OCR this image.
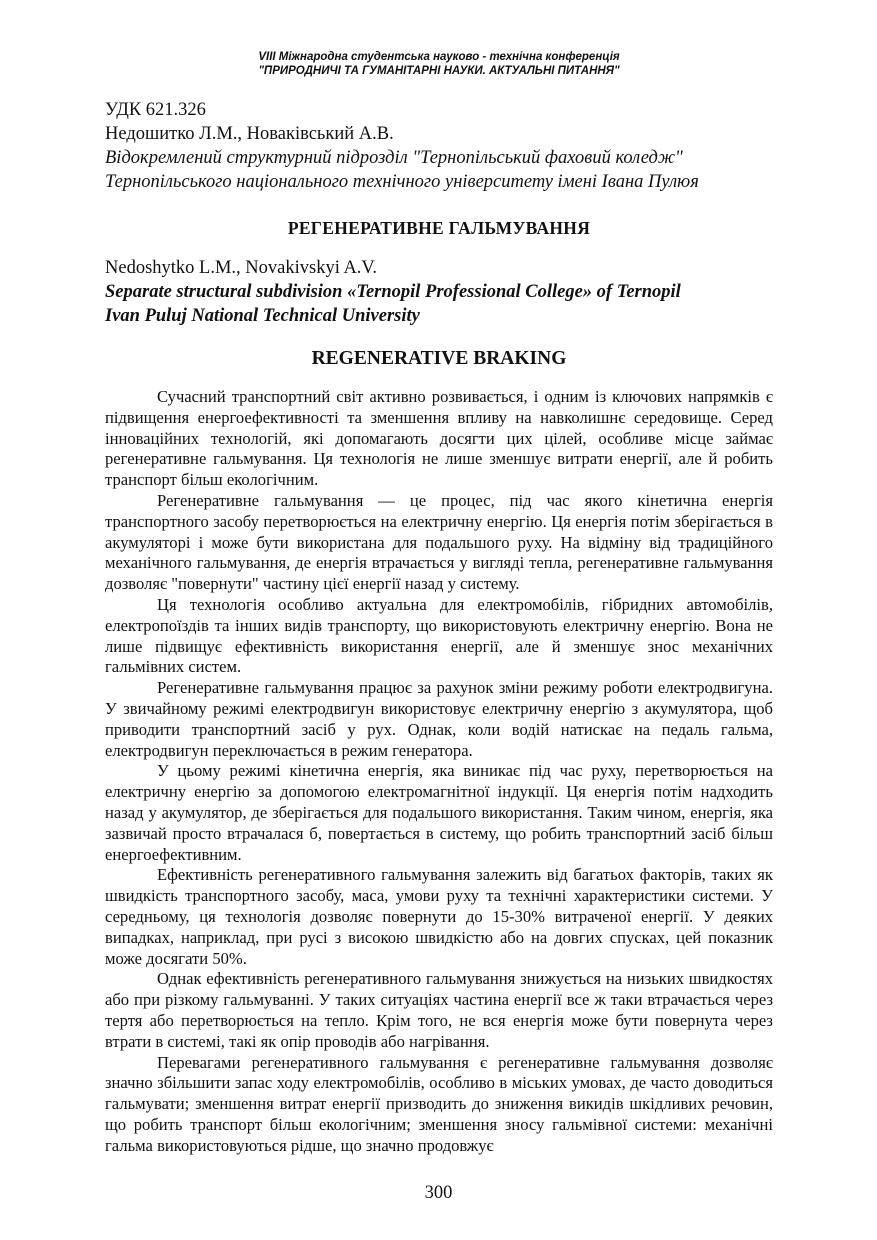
VIII Міжнародна студентська науково - технічна конференція
"ПРИРОДНИЧІ ТА ГУМАНІТАРНІ НАУКИ. АКТУАЛЬНІ ПИТАННЯ"
УДК 621.326
Недошитко Л.М., Новаківський А.В.
Відокремлений структурний підрозділ "Тернопільський фаховий коледж"
Тернопільського національного технічного університету імені Івана Пулюя
РЕГЕНЕРАТИВНЕ ГАЛЬМУВАННЯ
Nedoshytko L.M., Novakivskyi A.V.
Separate structural subdivision «Ternopil Professional College» of Ternopil
Ivan Puluj National Technical University
REGENERATIVE BRAKING

Сучасний транспортний світ активно розвивається, і одним із ключових напрямків є підвищення енергоефективності та зменшення впливу на навколишнє середовище. Серед інноваційних технологій, які допомагають досягти цих цілей, особливе місце займає регенеративне гальмування. Ця технологія не лише зменшує витрати енергії, але й робить транспорт більш екологічним.

Регенеративне гальмування — це процес, під час якого кінетична енергія транспортного засобу перетворюється на електричну енергію. Ця енергія потім зберігається в акумуляторі і може бути використана для подальшого руху. На відміну від традиційного механічного гальмування, де енергія втрачається у вигляді тепла, регенеративне гальмування дозволяє "повернути" частину цієї енергії назад у систему.

Ця технологія особливо актуальна для електромобілів, гібридних автомобілів, електропоїздів та інших видів транспорту, що використовують електричну енергію. Вона не лише підвищує ефективність використання енергії, але й зменшує знос механічних гальмівних систем.

Регенеративне гальмування працює за рахунок зміни режиму роботи електродвигуна. У звичайному режимі електродвигун використовує електричну енергію з акумулятора, щоб приводити транспортний засіб у рух. Однак, коли водій натискає на педаль гальма, електродвигун переключається в режим генератора.

У цьому режимі кінетична енергія, яка виникає під час руху, перетворюється на електричну енергію за допомогою електромагнітної індукції. Ця енергія потім надходить назад у акумулятор, де зберігається для подальшого використання. Таким чином, енергія, яка зазвичай просто втрачалася б, повертається в систему, що робить транспортний засіб більш енергоефективним.

Ефективність регенеративного гальмування залежить від багатьох факторів, таких як швидкість транспортного засобу, маса, умови руху та технічні характеристики системи. У середньому, ця технологія дозволяє повернути до 15-30% витраченої енергії. У деяких випадках, наприклад, при русі з високою швидкістю або на довгих спусках, цей показник може досягати 50%.

Однак ефективність регенеративного гальмування знижується на низьких швидкостях або при різкому гальмуванні. У таких ситуаціях частина енергії все ж таки втрачається через тертя або перетворюється на тепло. Крім того, не вся енергія може бути повернута через втрати в системі, такі як опір проводів або нагрівання.

Перевагами регенеративного гальмування є регенеративне гальмування дозволяє значно збільшити запас ходу електромобілів, особливо в міських умовах, де часто доводиться гальмувати; зменшення витрат енергії призводить до зниження викидів шкідливих речовин, що робить транспорт більш екологічним; зменшення зносу гальмівної системи: механічні гальма використовуються рідше, що значно продовжує

300
